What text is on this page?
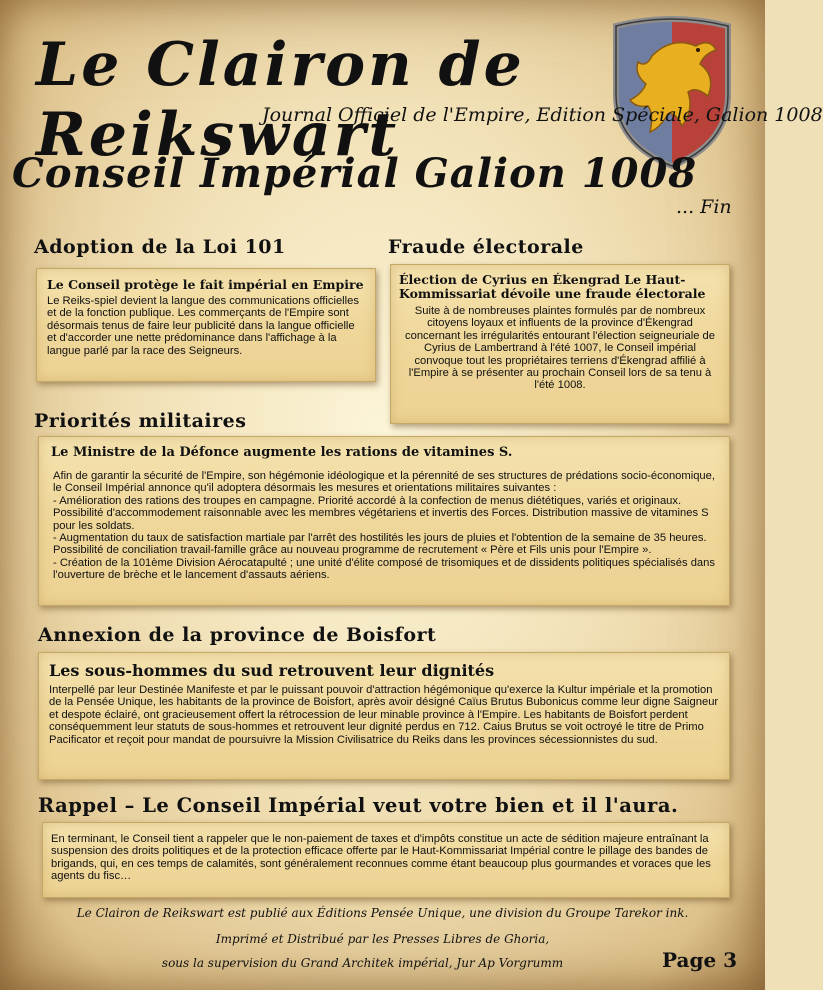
Le Clairon de Reikswart
Journal Officiel de l'Empire, Edition Spéciale, Galion 1008
Conseil Impérial Galion 1008
... Fin
Adoption de la Loi 101
Le Conseil protège le fait impérial en Empire
Le Reiks-spiel devient la langue des communications officielles et de la fonction publique. Les commerçants de l'Empire sont désormais tenus de faire leur publicité dans la langue officielle et d'accorder une nette prédominance dans l'affichage à la langue parlé par la race des Seigneurs.
Fraude électorale
Élection de Cyrius en Ékengrad Le Haut-Kommissariat dévoile une fraude électorale
Suite à de nombreuses plaintes formulés par de nombreux citoyens loyaux et influents de la province d'Ékengrad concernant les irrégularités entourant l'élection seigneuriale de Cyrius de Lambertrand à l'été 1007, le Conseil impérial convoque tout les propriétaires terriens d'Ékengrad affilié à l'Empire à se présenter au prochain Conseil lors de sa tenu à l'été 1008.
Priorités militaires
Le Ministre de la Défonce augmente les rations de vitamines S.
Afin de garantir la sécurité de l'Empire, son hégémonie idéologique et la pérennité de ses structures de prédations socio-économique, le Conseil Impérial annonce qu'il adoptera désormais les mesures et orientations militaires suivantes :
- Amélioration des rations des troupes en campagne. Priorité accordé à la confection de menus diététiques, variés et originaux. Possibilité d'accommodement raisonnable avec les membres végétariens et invertis des Forces. Distribution massive de vitamines S pour les soldats.
- Augmentation du taux de satisfaction martiale par l'arrêt des hostilités les jours de pluies et l'obtention de la semaine de 35 heures. Possibilité de conciliation travail-famille grâce au nouveau programme de recrutement « Père et Fils unis pour l'Empire ».
- Création de la 101ème Division Aérocatapulté ; une unité d'élite composé de trisomiques et de dissidents politiques spécialisés dans l'ouverture de brèche et le lancement d'assauts aériens.
Annexion de la province de Boisfort
Les sous-hommes du sud retrouvent leur dignités
Interpellé par leur Destinée Manifeste et par le puissant pouvoir d'attraction hégémonique qu'exerce la Kultur impériale et la promotion de la Pensée Unique, les habitants de la province de Boisfort, après avoir désigné Caïus Brutus Bubonicus comme leur digne Saigneur et despote éclairé, ont gracieusement offert la rétrocession de leur minable province à l'Empire. Les habitants de Boisfort perdent conséquemment leur statuts de sous-hommes et retrouvent leur dignité perdus en 712. Caius Brutus se voit octroyé le titre de Primo Pacificator et reçoit pour mandat de poursuivre la Mission Civilisatrice du Reiks dans les provinces sécessionnistes du sud.
Rappel – Le Conseil Impérial veut votre bien et il l'aura.
En terminant, le Conseil tient a rappeler que le non-paiement de taxes et d'impôts constitue un acte de sédition majeure entraînant la suspension des droits politiques et de la protection efficace offerte par le Haut-Kommissariat Impérial contre le pillage des bandes de brigands, qui, en ces temps de calamités, sont généralement reconnues comme étant beaucoup plus gourmandes et voraces que les agents du fisc…
Le Clairon de Reikswart est publié aux Éditions Pensée Unique, une division du Groupe Tarekor ink.
Imprimé et Distribué par les Presses Libres de Ghoria,
sous la supervision du Grand Architek impérial, Jur Ap Vorgrumm	Page 3
